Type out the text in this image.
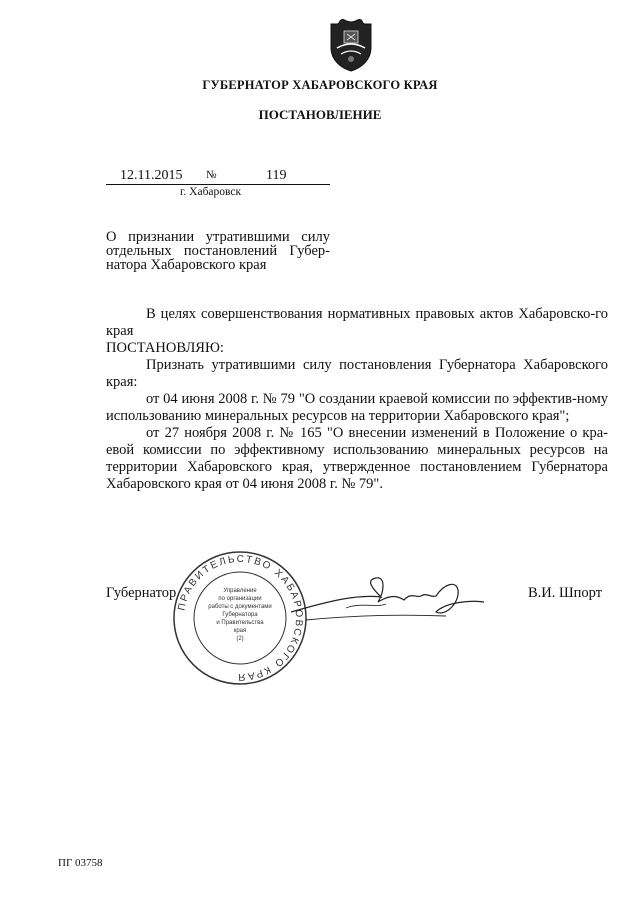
ГУБЕРНАТОР ХАБАРОВСКОГО КРАЯ
ПОСТАНОВЛЕНИЕ
12.11.2015 №	119
г. Хабаровск
О признании утратившими силу
отдельных постановлений Губер-
натора Хабаровского края

В целях совершенствования нормативных правовых актов Хабаровско-го края

ПОСТАНОВЛЯЮ:

Признать утратившими силу постановления Губернатора Хабаровского края:

от 04 июня 2008 г. № 79 "О создании краевой комиссии по эффектив-ному использованию минеральных ресурсов на территории Хабаровского края";

от 27 ноября 2008 г. № 165 "О внесении изменений в Положение о кра-евой комиссии по эффективному использованию минеральных ресурсов на территории Хабаровского края, утвержденное постановлением Губернатора Хабаровского края от 04 июня 2008 г. № 79".

ПРАВИТЕЛЬСТВО ХАБАРОВСКОГО КРАЯ
Управление
по организации
работы с документами
Губернатора
и Правительства
края
(2)
Губернатор	В.И. Шпорт
ПГ 03758
